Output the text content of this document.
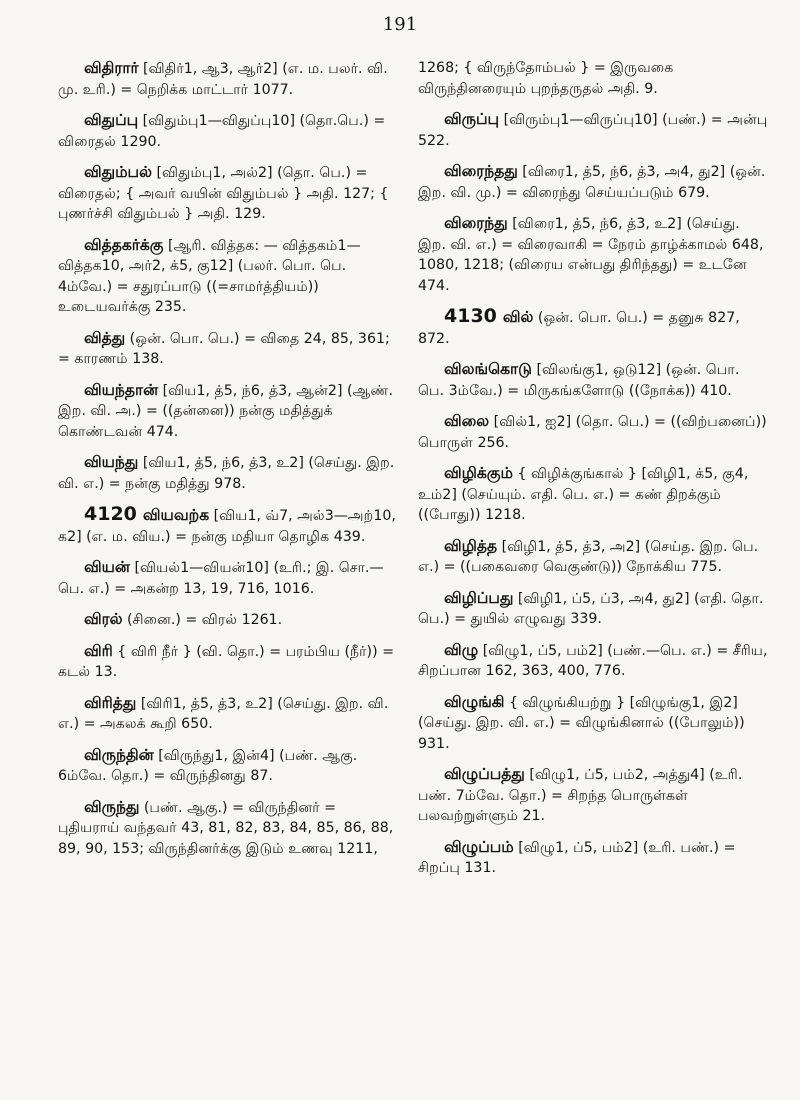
191

விதிரார் [விதிர்1, ஆ3, ஆர்2] (எ. ம. பலர். வி. மு. உரி.) = நெறிக்க மாட்டார் 1077.

விதுப்பு [விதும்பு1—விதுப்பு10] (தொ.பெ.) = விரைதல் 1290.

விதும்பல் [விதும்பு1, அல்2] (தொ. பெ.) = விரைதல்; { அவர் வயின் விதும்பல் } அதி. 127; { புணர்ச்சி விதும்பல் } அதி. 129.

வித்தகர்க்கு [ஆரி. வித்தக: — வித்தகம்1—வித்தக10, அர்2, க்5, கு12] (பலர். பொ. பெ. 4ம்வே.) = சதுரப்பாடு ((=சாமர்த்தியம்)) உடையவர்க்கு 235.

வித்து (ஒன். பொ. பெ.) = விதை 24, 85, 361; = காரணம் 138.

வியந்தான் [விய1, த்5, ந்6, த்3, ஆன்2] (ஆண். இற. வி. அ.) = ((தன்னை)) நன்கு மதித்துக் கொண்டவன் 474.

வியந்து [விய1, த்5, ந்6, த்3, உ2] (செய்து. இற. வி. எ.) = நன்கு மதித்து 978.

4120 வியவற்க [விய1, வ்7, அல்3—அற்10, க2] (எ. ம. விய.) = நன்கு மதியா தொழிக 439.

வியன் [வியல்1—வியன்10] (உரி.; இ. சொ.—பெ. எ.) = அகன்ற 13, 19, 716, 1016.

விரல் (சினை.) = விரல் 1261.

விரி { விரி நீர் } (வி. தொ.) = பரம்பிய (நீர்)) = கடல் 13.

விரித்து [விரி1, த்5, த்3, உ2] (செய்து. இற. வி. எ.) = அகலக் கூறி 650.

விருந்தின் [விருந்து1, இன்4] (பண். ஆகு. 6ம்வே. தொ.) = விருந்தினது 87.

விருந்து (பண். ஆகு.) = விருந்தினர் = புதியராய் வந்தவர் 43, 81, 82, 83, 84, 85, 86, 88, 89, 90, 153; விருந்தினர்க்கு இடும் உணவு 1211,

1268; { விருந்தோம்பல் } = இருவகை விருந்தினரையும் புறந்தருதல் அதி. 9.

விருப்பு [விரும்பு1—விருப்பு10] (பண்.) = அன்பு 522.

விரைந்தது [விரை1, த்5, ந்6, த்3, அ4, து2] (ஒன். இற. வி. மு.) = விரைந்து செய்யப்படும் 679.

விரைந்து [விரை1, த்5, ந்6, த்3, உ2] (செய்து. இற. வி. எ.) = விரைவாகி = நேரம் தாழ்க்காமல் 648, 1080, 1218; (விரைய என்பது திரிந்தது) = உடனே 474.

4130 வில் (ஒன். பொ. பெ.) = தனுசு 827, 872.

விலங்கொடு [விலங்கு1, ஒடு12] (ஒன். பொ. பெ. 3ம்வே.) = மிருகங்களோடு ((நோக்க)) 410.

விலை [வில்1, ஐ2] (தொ. பெ.) = ((விற்பனைப்)) பொருள் 256.

விழிக்கும் { விழிக்குங்கால் } [விழி1, க்5, கு4, உம்2] (செய்யும். எதி. பெ. எ.) = கண் திறக்கும் ((போது)) 1218.

விழித்த [விழி1, த்5, த்3, அ2] (செய்த. இற. பெ. எ.) = ((பகைவரை வெகுண்டு)) நோக்கிய 775.

விழிப்பது [விழி1, ப்5, ப்3, அ4, து2] (எதி. தொ. பெ.) = துயில் எழுவது 339.

விழு [விழு1, ப்5, பம்2] (பண்.—பெ. எ.) = சீரிய, சிறப்பான 162, 363, 400, 776.

விழுங்கி { விழுங்கியற்று } [விழுங்கு1, இ2] (செய்து. இற. வி. எ.) = விழுங்கினால் ((போலும்)) 931.

விழுப்பத்து [விழு1, ப்5, பம்2, அத்து4] (உரி. பண். 7ம்வே. தொ.) = சிறந்த பொருள்கள் பலவற்றுள்ளும் 21.

விழுப்பம் [விழு1, ப்5, பம்2] (உரி. பண்.) = சிறப்பு 131.
